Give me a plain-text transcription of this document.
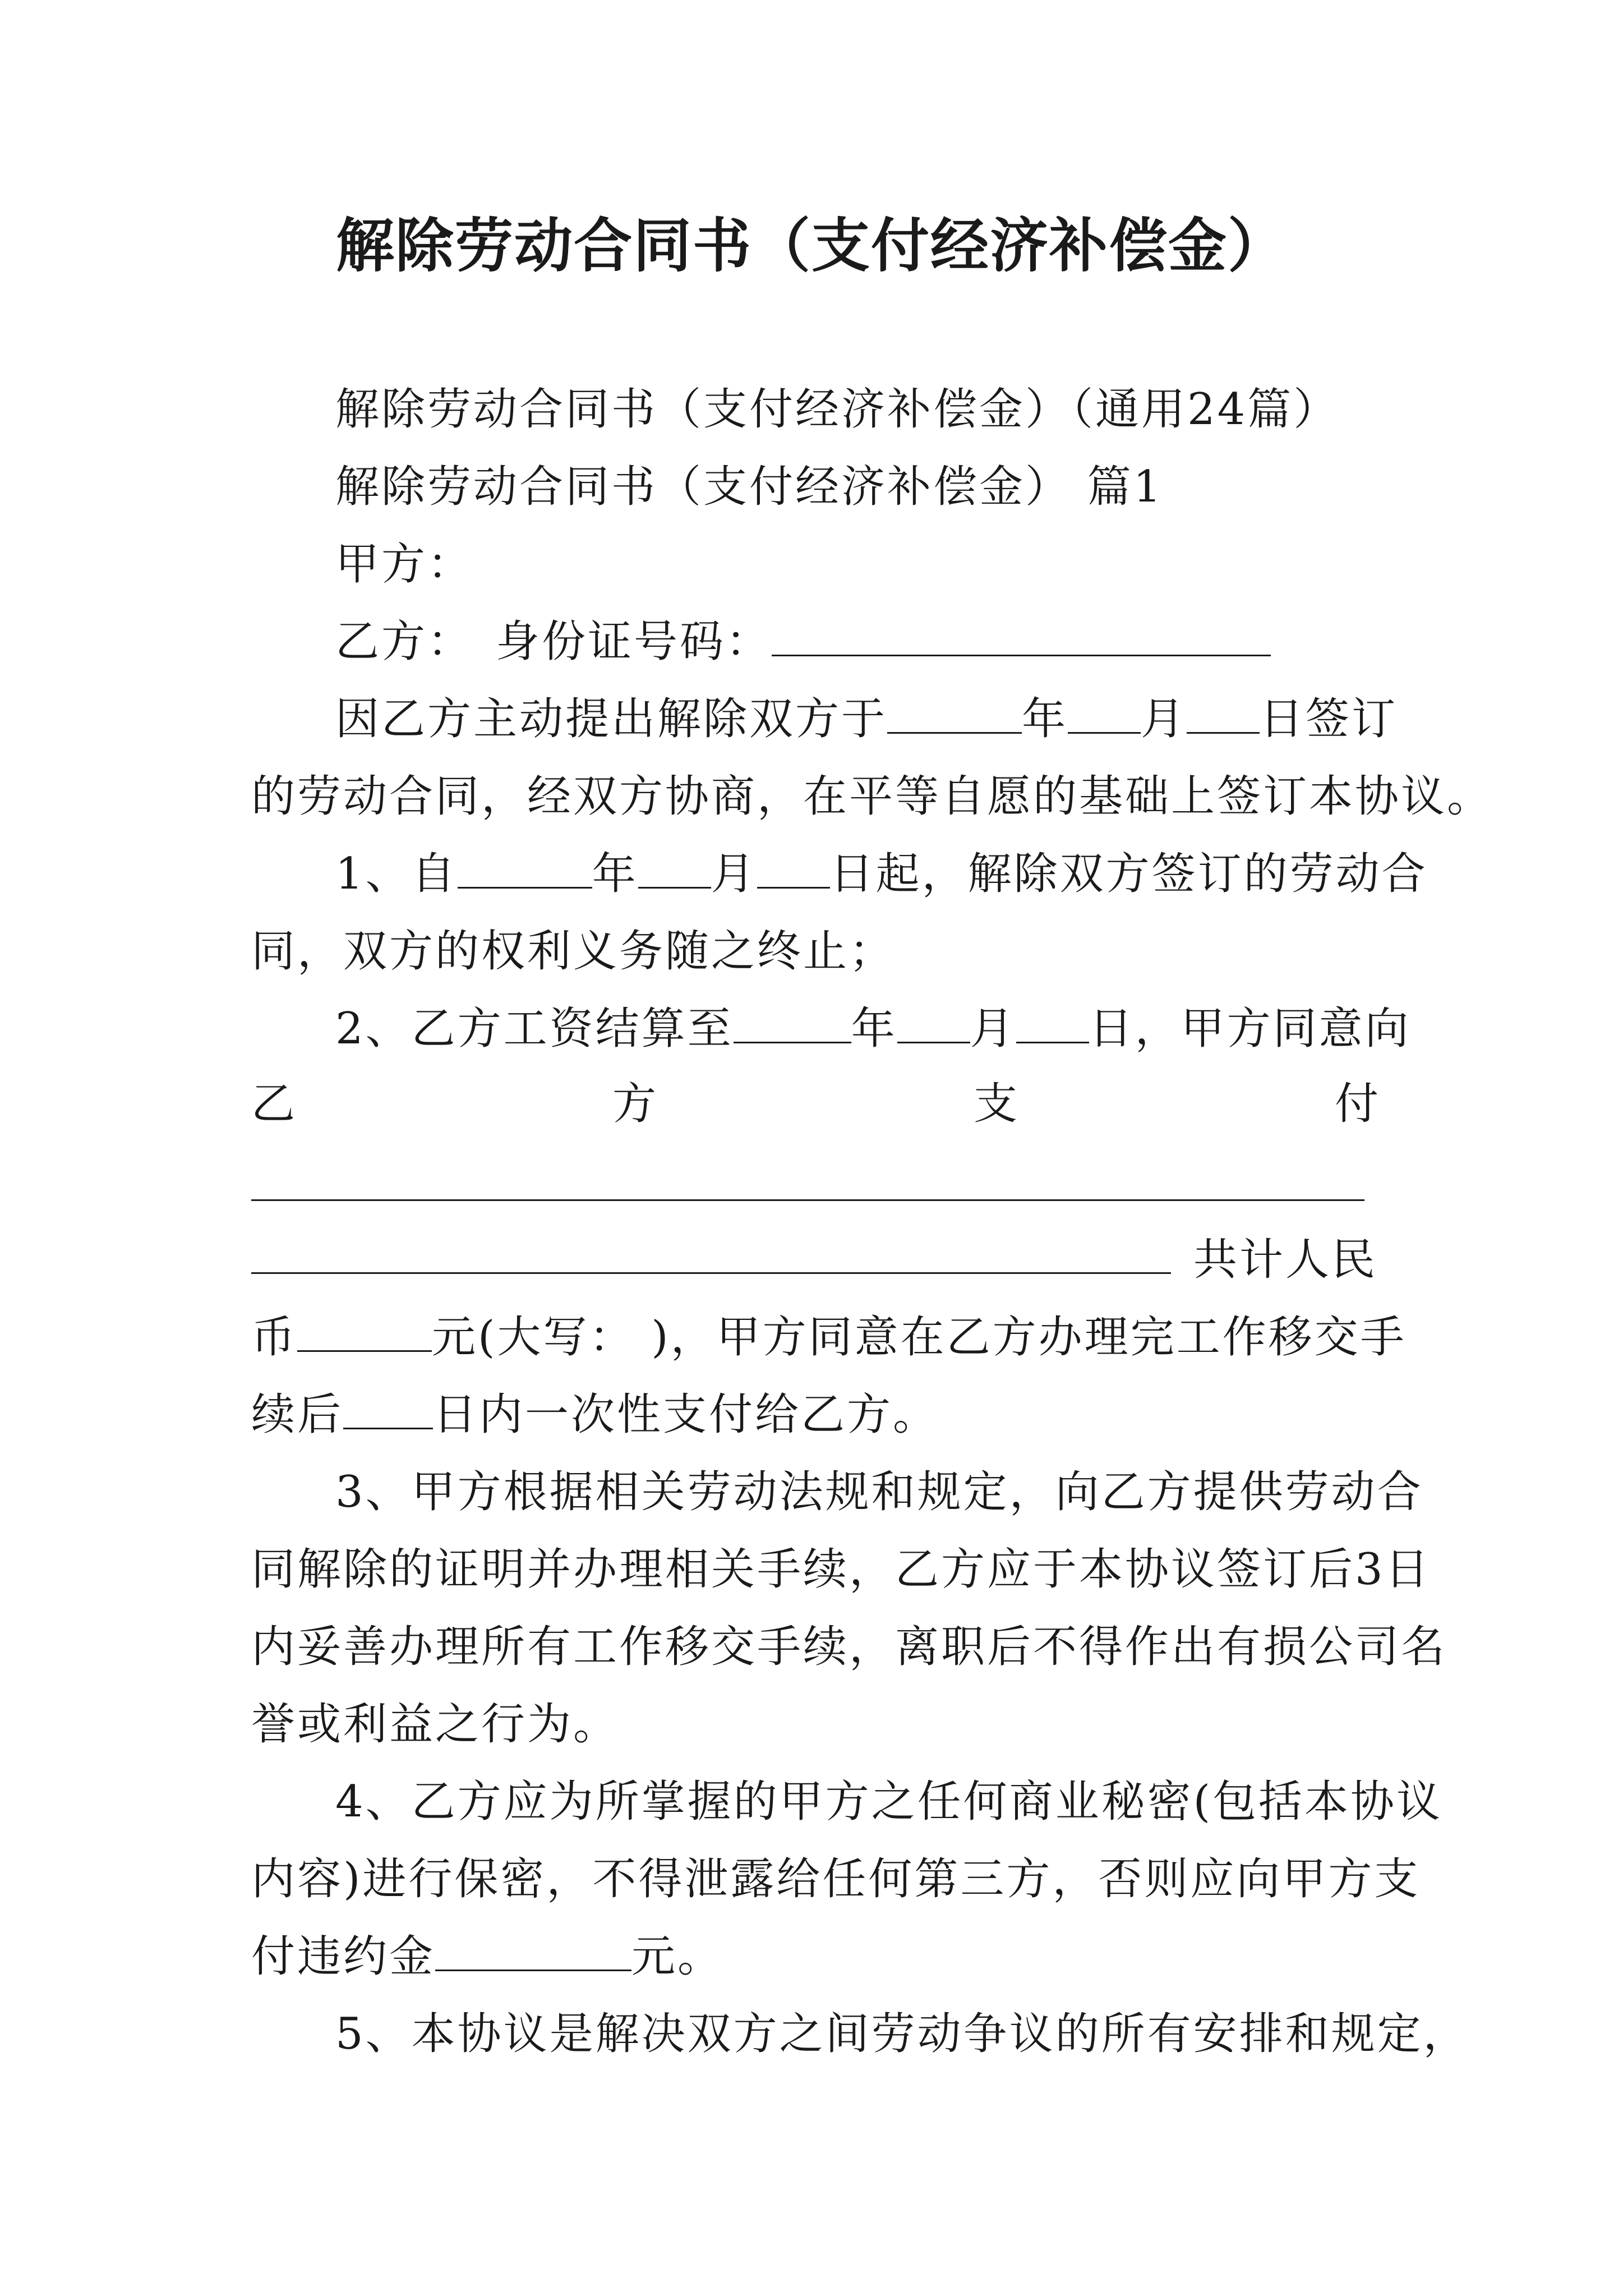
解除劳动合同书（支付经济补偿金）
解除劳动合同书（支付经济补偿金）（通用24篇）
解除劳动合同书（支付经济补偿金） 篇1
甲方：
乙方： 身份证号码：
因乙方主动提出解除双方于	年 月 日签订
的劳动合同，经双方协商，在平等自愿的基础上签订本协议。
1、自	年 月 日起，解除双方签订的劳动合
同，双方的权利义务随之终止；
2、乙方工资结算至	年 月 日，甲方同意向
乙	方	支	付
共计人民
币	元(大写： )，甲方同意在乙方办理完工作移交手
续后 日内一次性支付给乙方。
3、甲方根据相关劳动法规和规定，向乙方提供劳动合
同解除的证明并办理相关手续，乙方应于本协议签订后3日
内妥善办理所有工作移交手续，离职后不得作出有损公司名
誉或利益之行为。
4、乙方应为所掌握的甲方之任何商业秘密(包括本协议
内容)进行保密，不得泄露给任何第三方，否则应向甲方支
付违约金	元。
5、本协议是解决双方之间劳动争议的所有安排和规定，
